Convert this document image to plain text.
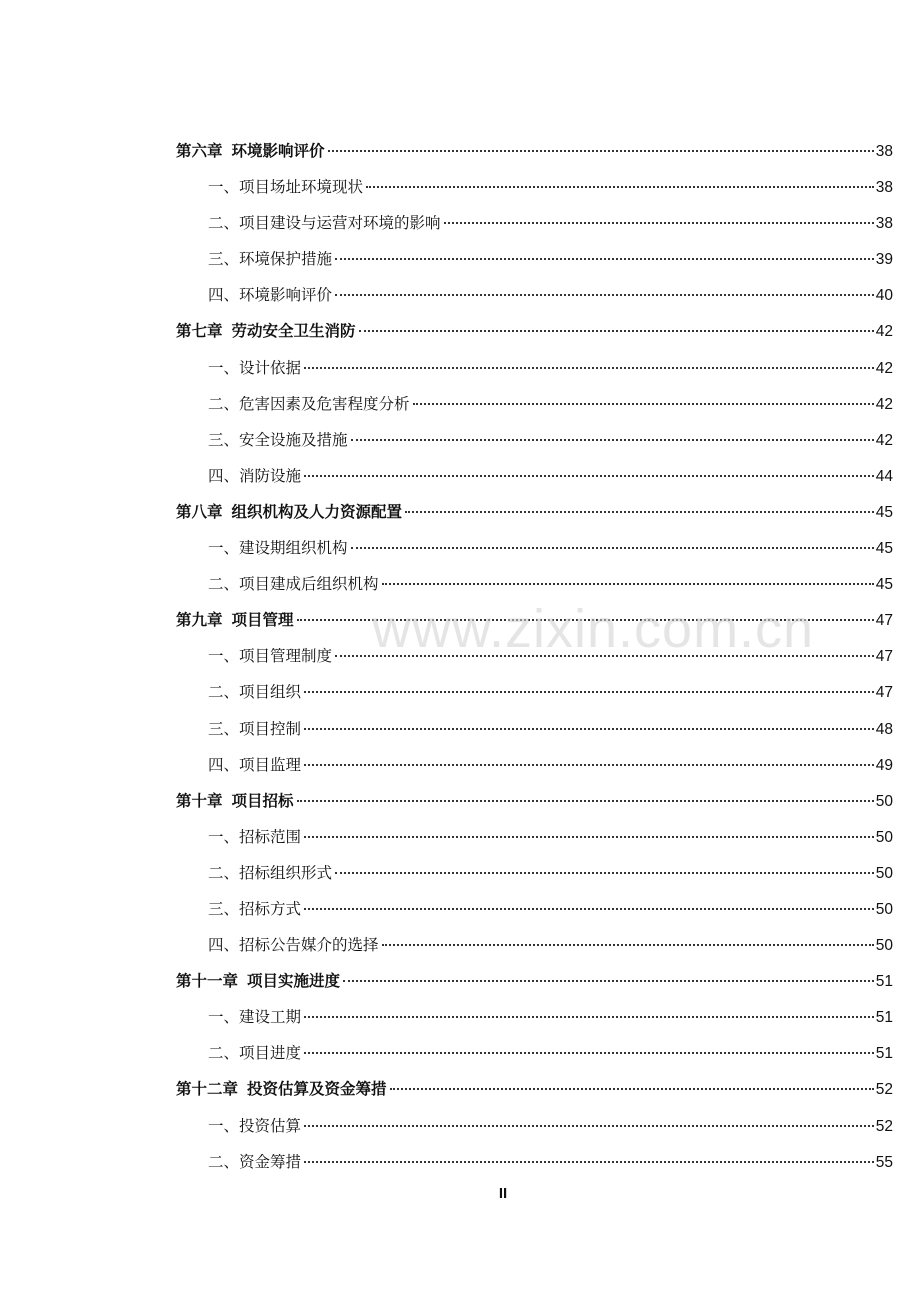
第六章 环境影响评价	38
一、项目场址环境现状	38
二、项目建设与运营对环境的影响	38
三、环境保护措施	39
四、环境影响评价	40
第七章 劳动安全卫生消防	42
一、设计依据	42
二、危害因素及危害程度分析	42
三、安全设施及措施	42
四、消防设施	44
第八章 组织机构及人力资源配置	45
一、建设期组织机构	45
二、项目建成后组织机构	45
第九章 项目管理	47
一、项目管理制度	47
二、项目组织	47
三、项目控制	48
四、项目监理	49
第十章 项目招标	50
一、招标范围	50
二、招标组织形式	50
三、招标方式	50
四、招标公告媒介的选择	50
第十一章 项目实施进度	51
一、建设工期	51
二、项目进度	51
第十二章 投资估算及资金筹措	52
一、投资估算	52
二、资金筹措	55
www.zixin.com.cn
II
